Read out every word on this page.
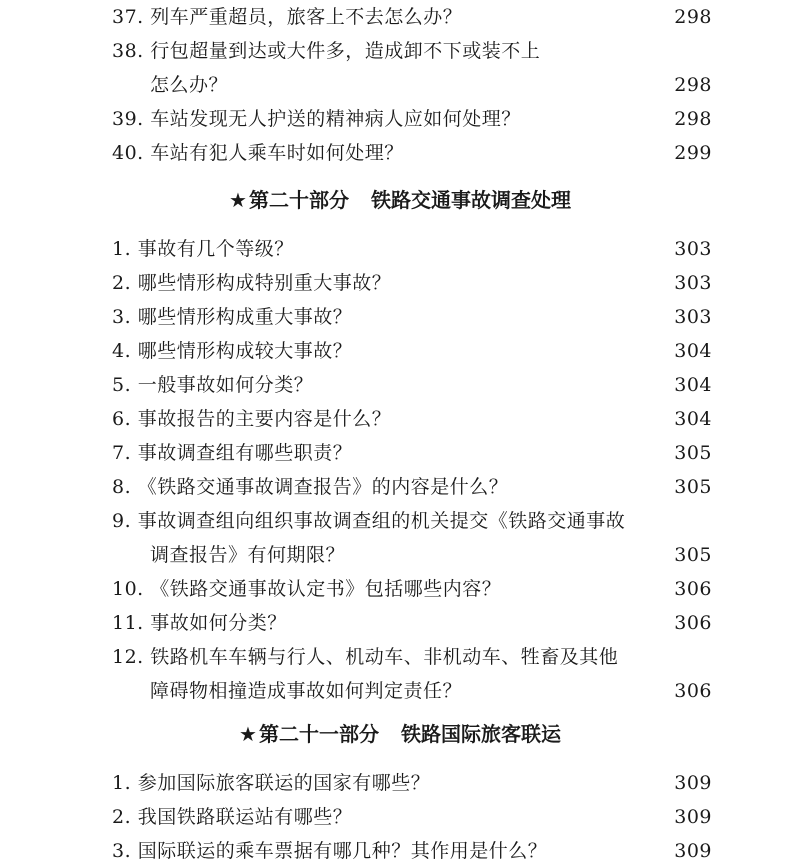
37. 列车严重超员，旅客上不去怎么办？	298
38. 行包超量到达或大件多，造成卸不下或装不上
怎么办？	298
39. 车站发现无人护送的精神病人应如何处理？	298
40. 车站有犯人乘车时如何处理？	299
★ 第二十部分 铁路交通事故调查处理
1. 事故有几个等级？	303
2. 哪些情形构成特别重大事故？	303
3. 哪些情形构成重大事故？	303
4. 哪些情形构成较大事故？	304
5. 一般事故如何分类？	304
6. 事故报告的主要内容是什么？	304
7. 事故调查组有哪些职责？	305
8. 《铁路交通事故调查报告》的内容是什么？	305
9. 事故调查组向组织事故调查组的机关提交《铁路交通事故
调查报告》有何期限？	305
10. 《铁路交通事故认定书》包括哪些内容？	306
11. 事故如何分类？	306
12. 铁路机车车辆与行人、机动车、非机动车、牲畜及其他
障碍物相撞造成事故如何判定责任？	306
★ 第二十一部分 铁路国际旅客联运
1. 参加国际旅客联运的国家有哪些？	309
2. 我国铁路联运站有哪些？	309
3. 国际联运的乘车票据有哪几种？其作用是什么？	309
